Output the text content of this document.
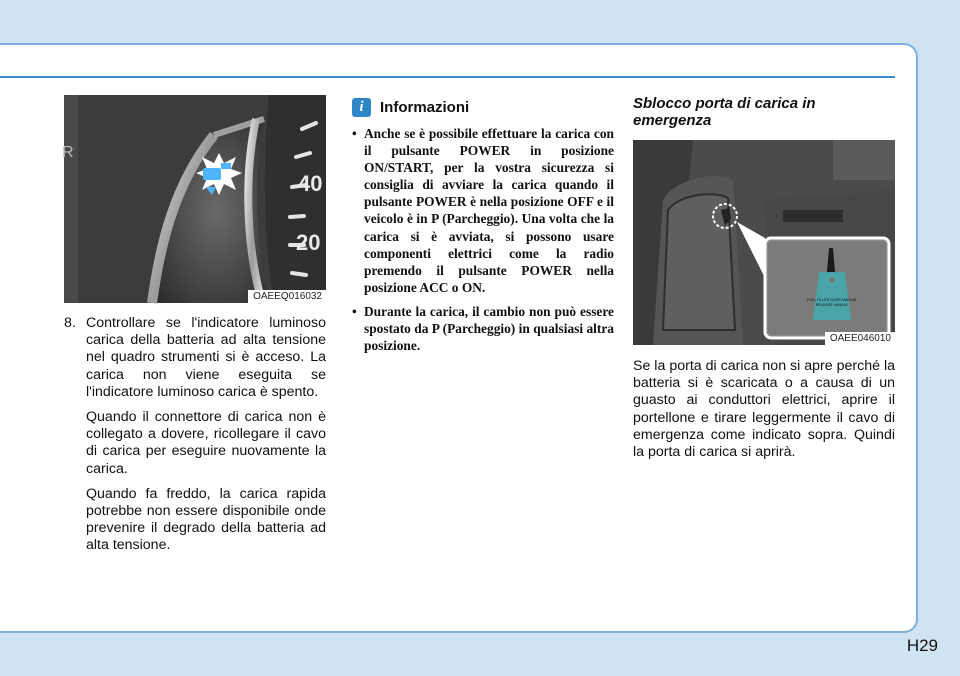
R
40
20
OAEEQ016032
8. Controllare se l'indicatore luminoso carica della batteria ad alta tensione nel quadro strumenti si è acceso. La carica non viene eseguita se l'indicatore luminoso carica è spento.

Quando il connettore di carica non è collegato a dovere, ricollegare il cavo di carica per eseguire nuovamente la carica.

Quando fa freddo, la carica rapida potrebbe non essere disponibile onde prevenire il degrado della batteria ad alta tensione.

i	Informazioni
• Anche se è possibile effettuare la carica con il pulsante POWER in posizione ON/START, per la vostra sicurezza si consiglia di avviare la carica quando il pulsante POWER è nella posizione OFF e il veicolo è in P (Parcheggio). Una volta che la carica si è avviata, si possono usare componenti elettrici come la radio premendo il pulsante POWER nella posizione ACC o ON.
• Durante la carica, il cambio non può essere spostato da P (Parcheggio) in qualsiasi altra posizione.
Sblocco porta di carica in emergenza
FUEL FILLER DOOR MANUAL
RELEASE HANDLE
OAEE046010

Se la porta di carica non si apre perché la batteria si è scaricata o a causa di un guasto ai conduttori elettrici, aprire il portellone e tirare leggermente il cavo di emergenza come indicato sopra. Quindi la porta di carica si aprirà.

H29
